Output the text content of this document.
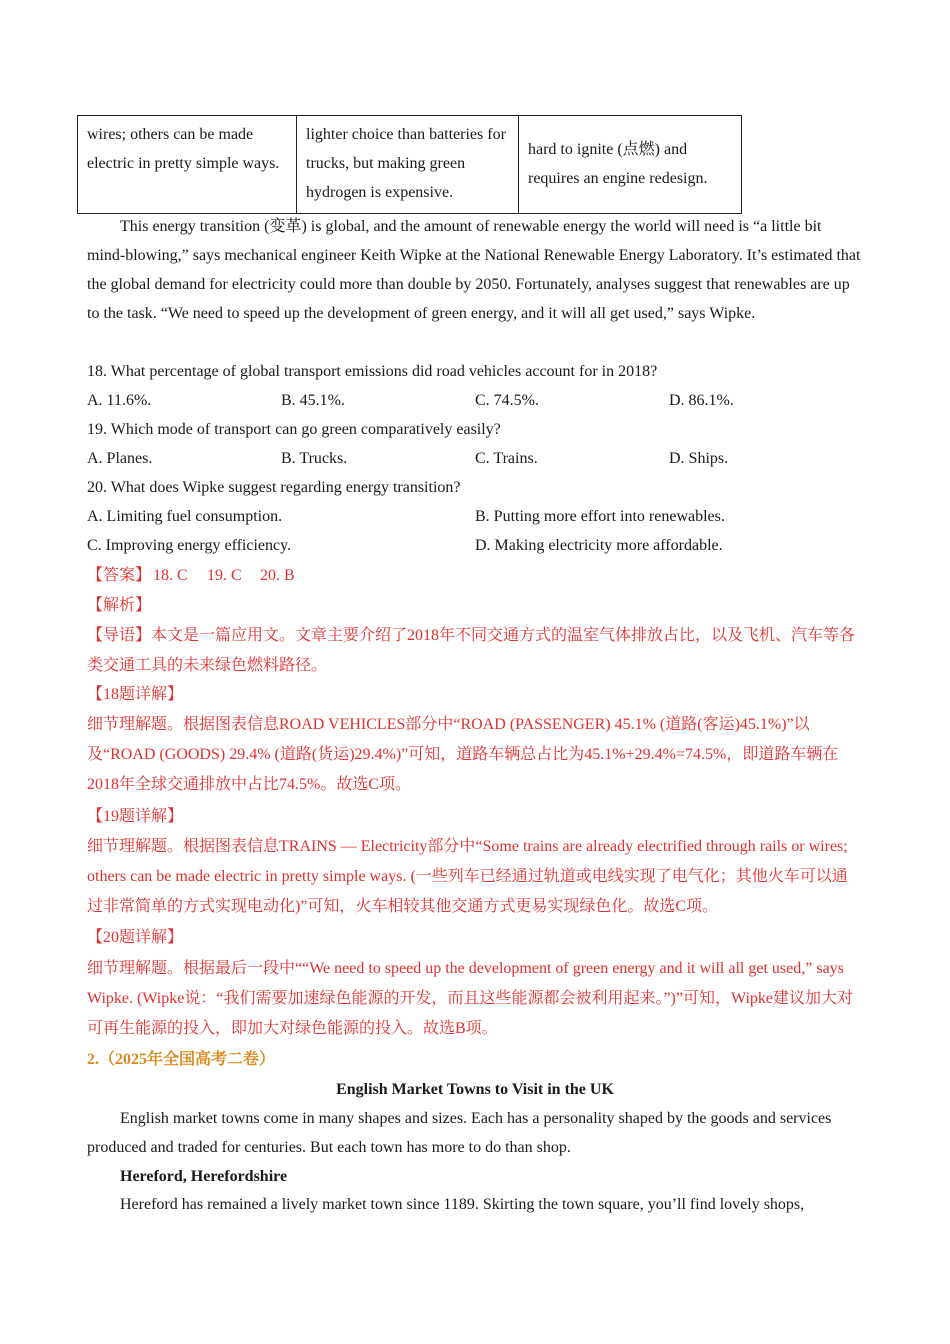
wires; others can be made electric in pretty simple ways.	lighter choice than batteries for trucks, but making green hydrogen is expensive.	hard to ignite (点燃) and requires an engine redesign.
This energy transition (变革) is global, and the amount of renewable energy the world will need is “a little bit mind-blowing,” says mechanical engineer Keith Wipke at the National Renewable Energy Laboratory. It’s estimated that the global demand for electricity could more than double by 2050. Fortunately, analyses suggest that renewables are up to the task. “We need to speed up the development of green energy, and it will all get used,” says Wipke.
18. What percentage of global transport emissions did road vehicles account for in 2018?
A. 11.6%.	B. 45.1%.	C. 74.5%.	D. 86.1%.
19. Which mode of transport can go green comparatively easily?
A. Planes.	B. Trucks.	C. Trains.	D. Ships.
20. What does Wipke suggest regarding energy transition?
A. Limiting fuel consumption.	B. Putting more effort into renewables.
C. Improving energy efficiency.	D. Making electricity more affordable.
【答案】 18. C 19. C 20. B
【解析】
【导语】本文是一篇应用文。文章主要介绍了2018年不同交通方式的温室气体排放占比，以及飞机、汽车等各类交通工具的未来绿色燃料路径。
【18题详解】
细节理解题。根据图表信息ROAD VEHICLES部分中“ROAD (PASSENGER) 45.1% (道路(客运)45.1%)”以及“ROAD (GOODS) 29.4% (道路(货运)29.4%)”可知，道路车辆总占比为45.1%+29.4%=74.5%，即道路车辆在2018年全球交通排放中占比74.5%。故选C项。
【19题详解】
细节理解题。根据图表信息TRAINS — Electricity部分中“Some trains are already electrified through rails or wires; others can be made electric in pretty simple ways. (一些列车已经通过轨道或电线实现了电气化；其他火车可以通过非常简单的方式实现电动化)”可知，火车相较其他交通方式更易实现绿色化。故选C项。
【20题详解】
细节理解题。根据最后一段中““We need to speed up the development of green energy and it will all get used,” says Wipke. (Wipke说：“我们需要加速绿色能源的开发，而且这些能源都会被利用起来。”)”可知，Wipke建议加大对可再生能源的投入，即加大对绿色能源的投入。故选B项。
2.（2025年全国高考二卷）
English Market Towns to Visit in the UK
English market towns come in many shapes and sizes. Each has a personality shaped by the goods and services produced and traded for centuries. But each town has more to do than shop.
Hereford, Herefordshire
Hereford has remained a lively market town since 1189. Skirting the town square, you’ll find lovely shops,
